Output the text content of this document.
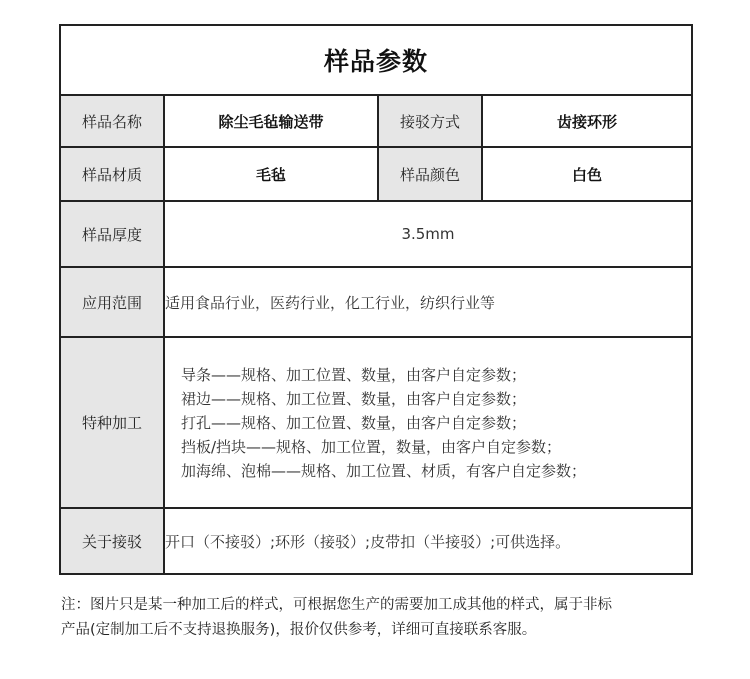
样品参数			
样品名称	除尘毛毡输送带	接驳方式	齿接环形
样品材质	毛毡	样品颜色	白色
样品厚度	3.5mm		
应用范围	适用食品行业，医药行业，化工行业，纺织行业等		
特种加工	导条——规格、加工位置、数量，由客户自定参数；
裙边——规格、加工位置、数量，由客户自定参数；
打孔——规格、加工位置、数量，由客户自定参数；
挡板/挡块——规格、加工位置，数量，由客户自定参数；
加海绵、泡棉——规格、加工位置、材质，有客户自定参数；		

关于接驳	开口（不接驳）;环形（接驳）;皮带扣（半接驳）;可供选择。		
注：图片只是某一种加工后的样式，可根据您生产的需要加工成其他的样式，属于非标
产品(定制加工后不支持退换服务)，报价仅供参考，详细可直接联系客服。
